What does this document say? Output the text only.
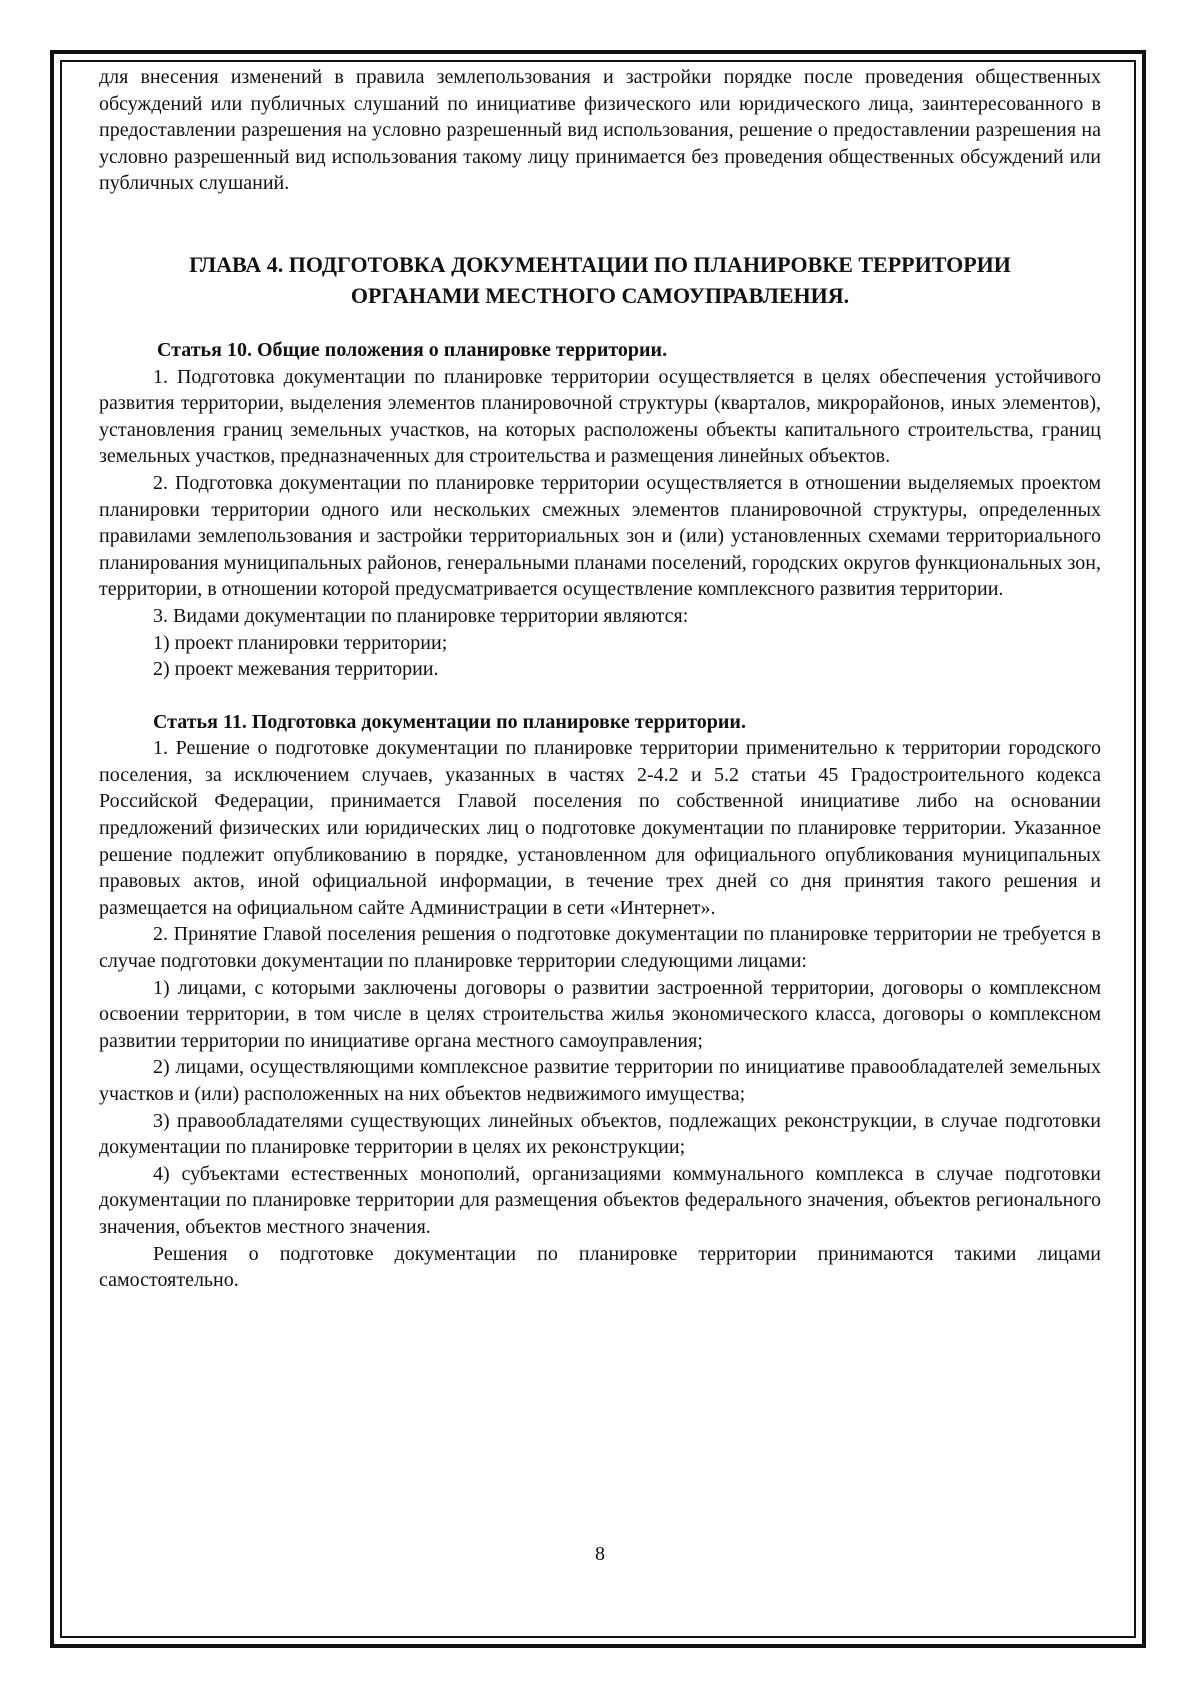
для внесения изменений в правила землепользования и застройки порядке после проведения общественных обсуждений или публичных слушаний по инициативе физического или юридического лица, заинтересованного в предоставлении разрешения на условно разрешенный вид использования, решение о предоставлении разрешения на условно разрешенный вид использования такому лицу принимается без проведения общественных обсуждений или публичных слушаний.

ГЛАВА 4. ПОДГОТОВКА ДОКУМЕНТАЦИИ ПО ПЛАНИРОВКЕ ТЕРРИТОРИИ
ОРГАНАМИ МЕСТНОГО САМОУПРАВЛЕНИЯ.

Статья 10. Общие положения о планировке территории.

1. Подготовка документации по планировке территории осуществляется в целях обеспечения устойчивого развития территории, выделения элементов планировочной структуры (кварталов, микрорайонов, иных элементов), установления границ земельных участков, на которых расположены объекты капитального строительства, границ земельных участков, предназначенных для строительства и размещения линейных объектов.

2. Подготовка документации по планировке территории осуществляется в отношении выделяемых проектом планировки территории одного или нескольких смежных элементов планировочной структуры, определенных правилами землепользования и застройки территориальных зон и (или) установленных схемами территориального планирования муниципальных районов, генеральными планами поселений, городских округов функциональных зон, территории, в отношении которой предусматривается осуществление комплексного развития территории.

3. Видами документации по планировке территории являются:

1) проект планировки территории;

2) проект межевания территории.

Статья 11. Подготовка документации по планировке территории.

1. Решение о подготовке документации по планировке территории применительно к территории городского поселения, за исключением случаев, указанных в частях 2-4.2 и 5.2 статьи 45 Градостроительного кодекса Российской Федерации, принимается Главой поселения по собственной инициативе либо на основании предложений физических или юридических лиц о подготовке документации по планировке территории. Указанное решение подлежит опубликованию в порядке, установленном для официального опубликования муниципальных правовых актов, иной официальной информации, в течение трех дней со дня принятия такого решения и размещается на официальном сайте Администрации в сети «Интернет».

2. Принятие Главой поселения решения о подготовке документации по планировке территории не требуется в случае подготовки документации по планировке территории следующими лицами:

1) лицами, с которыми заключены договоры о развитии застроенной территории, договоры о комплексном освоении территории, в том числе в целях строительства жилья экономического класса, договоры о комплексном развитии территории по инициативе органа местного самоуправления;

2) лицами, осуществляющими комплексное развитие территории по инициативе правообладателей земельных участков и (или) расположенных на них объектов недвижимого имущества;

3) правообладателями существующих линейных объектов, подлежащих реконструкции, в случае подготовки документации по планировке территории в целях их реконструкции;

4) субъектами естественных монополий, организациями коммунального комплекса в случае подготовки документации по планировке территории для размещения объектов федерального значения, объектов регионального значения, объектов местного значения.

Решения о подготовке документации по планировке территории принимаются такими лицами самостоятельно.

8
